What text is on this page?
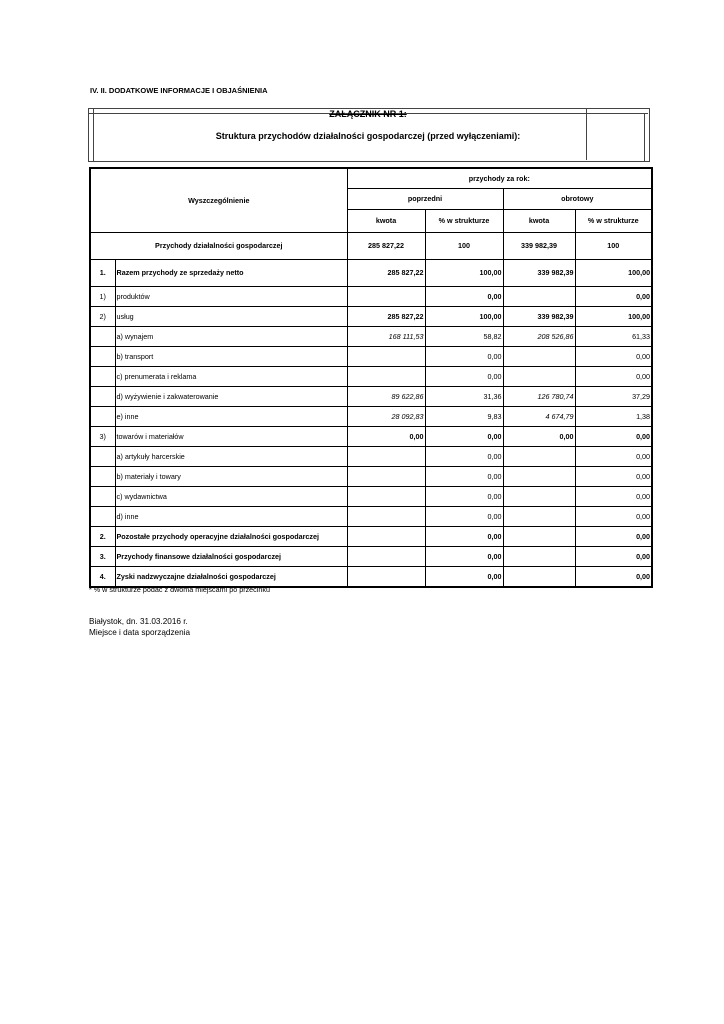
IV. II. DODATKOWE INFORMACJE I OBJAŚNIENIA
ZAŁĄCZNIK NR 1:
Struktura przychodów działalności gospodarczej (przed wyłączeniami):
Wyszczególnienie		przychody za rok:			
		poprzedni		obrotowy	
		kwota	% w strukturze	kwota	% w strukturze
Przychody działalności gospodarczej		285 827,22	100	339 982,39	100
1.	Razem przychody ze sprzedaży netto	285 827,22	100,00	339 982,39	100,00
1)	produktów		0,00		0,00
2)	usług	285 827,22	100,00	339 982,39	100,00
	a) wynajem	168 111,53	58,82	208 526,86	61,33
	b) transport		0,00		0,00
	c) prenumerata i reklama		0,00		0,00
	d) wyżywienie i zakwaterowanie	89 622,86	31,36	126 780,74	37,29
	e) inne	28 092,83	9,83	4 674,79	1,38
3)	towarów i materiałów	0,00	0,00	0,00	0,00
	a) artykuły harcerskie		0,00		0,00
	b) materiały i towary		0,00		0,00
	c) wydawnictwa		0,00		0,00
	d) inne		0,00		0,00
2.	Pozostałe przychody operacyjne działalności gospodarczej		0,00		0,00
3.	Przychody finansowe działalności gospodarczej		0,00		0,00
4.	Zyski nadzwyczajne działalności gospodarczej		0,00		0,00
* % w strukturze podać z dwoma miejscami po przecinku
Białystok, dn. 31.03.2016 r.
Miejsce i data sporządzenia
